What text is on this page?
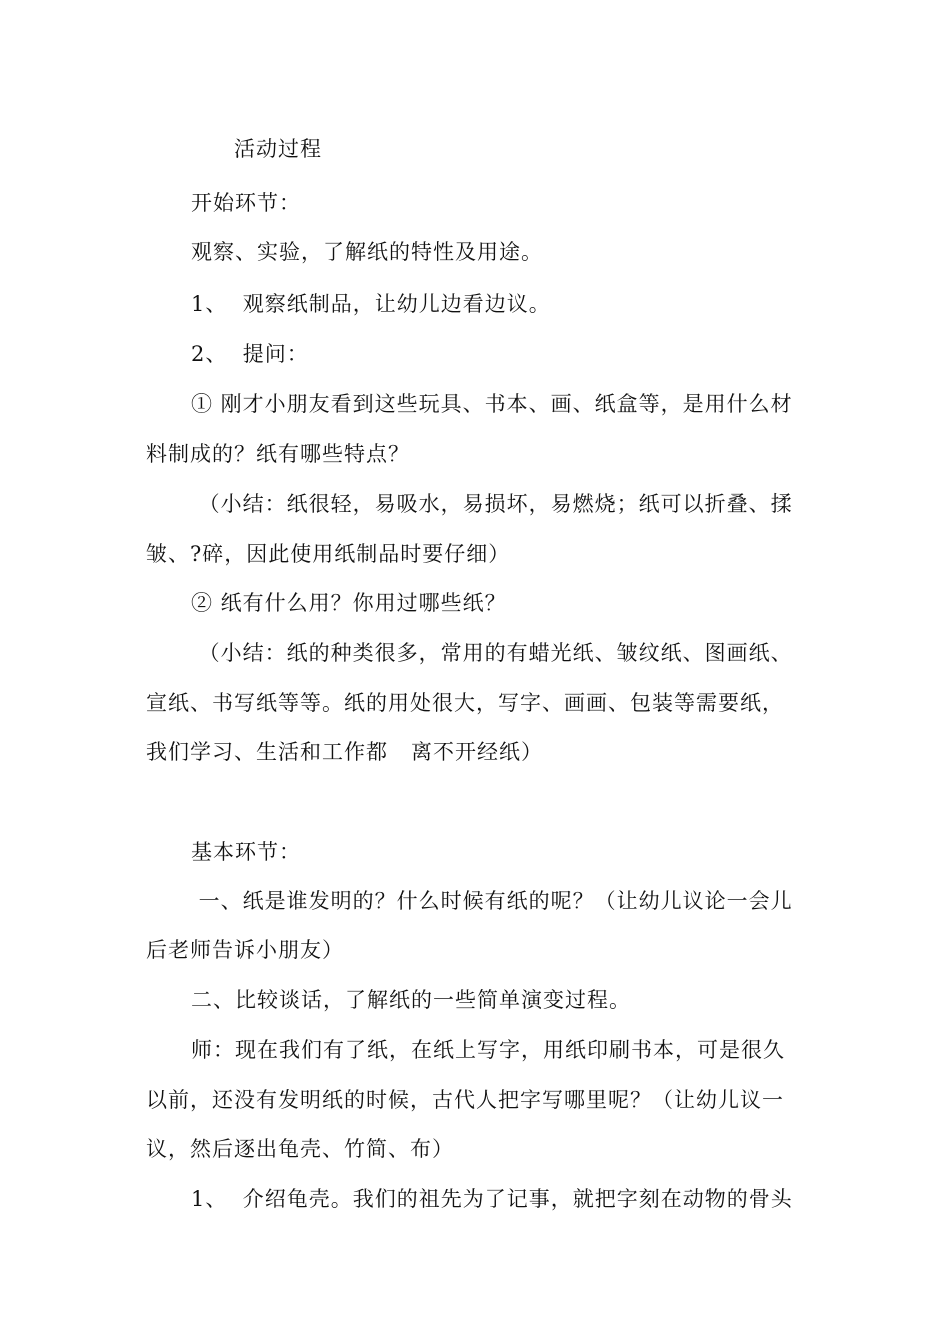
活动过程
开始环节：
观察、实验，了解纸的特性及用途。
1、  观察纸制品，让幼儿边看边议。
2、  提问：
① 刚才小朋友看到这些玩具、书本、画、纸盒等，是用什么材
料制成的？纸有哪些特点？
（小结：纸很轻，易吸水，易损坏，易燃烧；纸可以折叠、揉
皱、?碎，因此使用纸制品时要仔细）
② 纸有什么用？你用过哪些纸？
（小结：纸的种类很多，常用的有蜡光纸、皱纹纸、图画纸、
宣纸、书写纸等等。纸的用处很大，写字、画画、包装等需要纸，
我们学习、生活和工作都   离不开经纸）
基本环节：
一、纸是谁发明的？什么时候有纸的呢？（让幼儿议论一会儿
后老师告诉小朋友）
二、比较谈话，了解纸的一些简单演变过程。
师：现在我们有了纸，在纸上写字，用纸印刷书本，可是很久
以前，还没有发明纸的时候，古代人把字写哪里呢？（让幼儿议一
议，然后逐出龟壳、竹简、布）
1、  介绍龟壳。我们的祖先为了记事，就把字刻在动物的骨头
